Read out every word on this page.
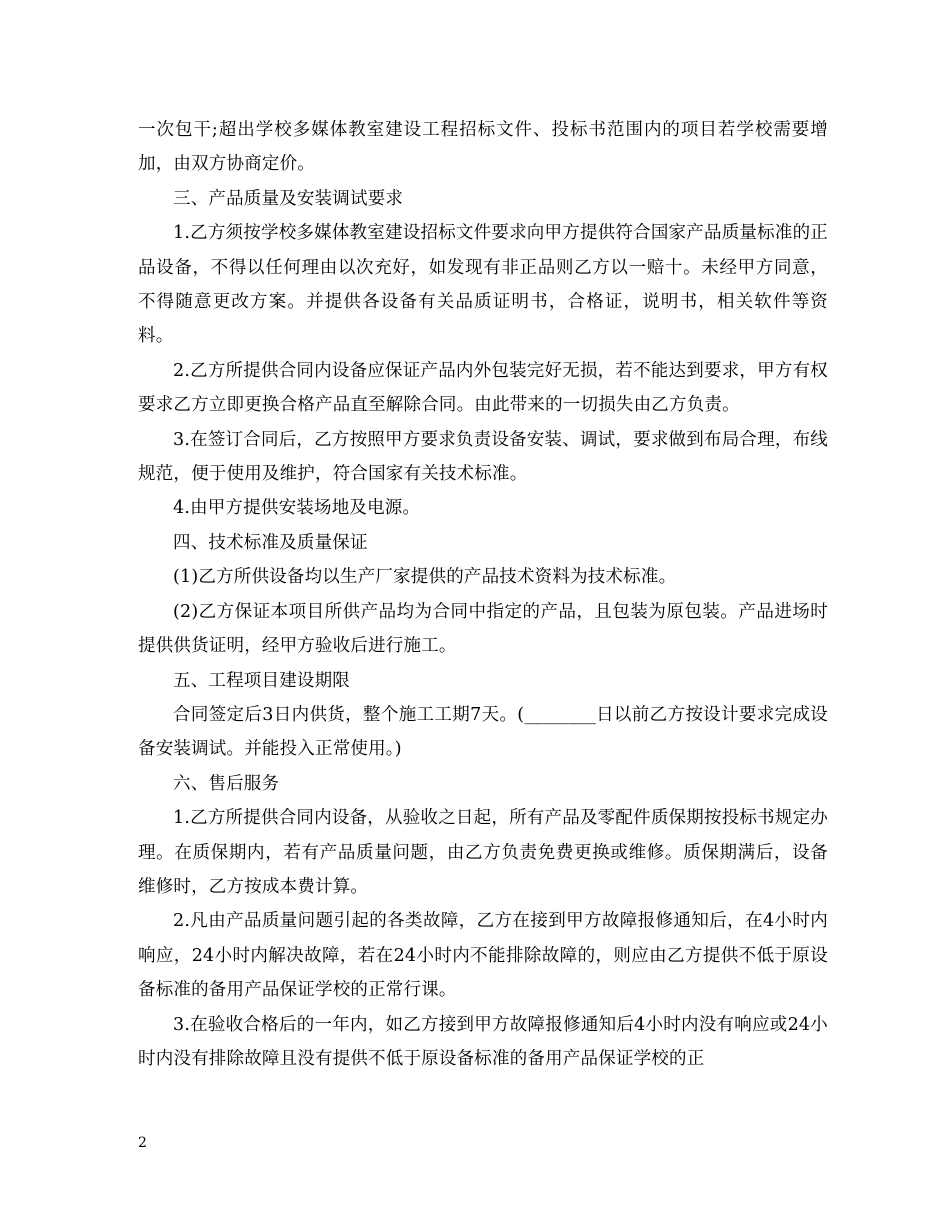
一次包干;超出学校多媒体教室建设工程招标文件、投标书范围内的项目若学校需要增加，由双方协商定价。

三、产品质量及安装调试要求

1.乙方须按学校多媒体教室建设招标文件要求向甲方提供符合国家产品质量标准的正品设备，不得以任何理由以次充好，如发现有非正品则乙方以一赔十。未经甲方同意，不得随意更改方案。并提供各设备有关品质证明书，合格证，说明书，相关软件等资料。

2.乙方所提供合同内设备应保证产品内外包装完好无损，若不能达到要求，甲方有权要求乙方立即更换合格产品直至解除合同。由此带来的一切损失由乙方负责。

3.在签订合同后，乙方按照甲方要求负责设备安装、调试，要求做到布局合理，布线规范，便于使用及维护，符合国家有关技术标准。

4.由甲方提供安装场地及电源。

四、技术标准及质量保证

(1)乙方所供设备均以生产厂家提供的产品技术资料为技术标准。

(2)乙方保证本项目所供产品均为合同中指定的产品，且包装为原包装。产品进场时提供供货证明，经甲方验收后进行施工。

五、工程项目建设期限

合同签定后3日内供货，整个施工工期7天。(________日以前乙方按设计要求完成设备安装调试。并能投入正常使用。)

六、售后服务

1.乙方所提供合同内设备，从验收之日起，所有产品及零配件质保期按投标书规定办理。在质保期内，若有产品质量问题，由乙方负责免费更换或维修。质保期满后，设备维修时，乙方按成本费计算。

2.凡由产品质量问题引起的各类故障，乙方在接到甲方故障报修通知后，在4小时内响应，24小时内解决故障，若在24小时内不能排除故障的，则应由乙方提供不低于原设备标准的备用产品保证学校的正常行课。

3.在验收合格后的一年内，如乙方接到甲方故障报修通知后4小时内没有响应或24小时内没有排除故障且没有提供不低于原设备标准的备用产品保证学校的正

2
